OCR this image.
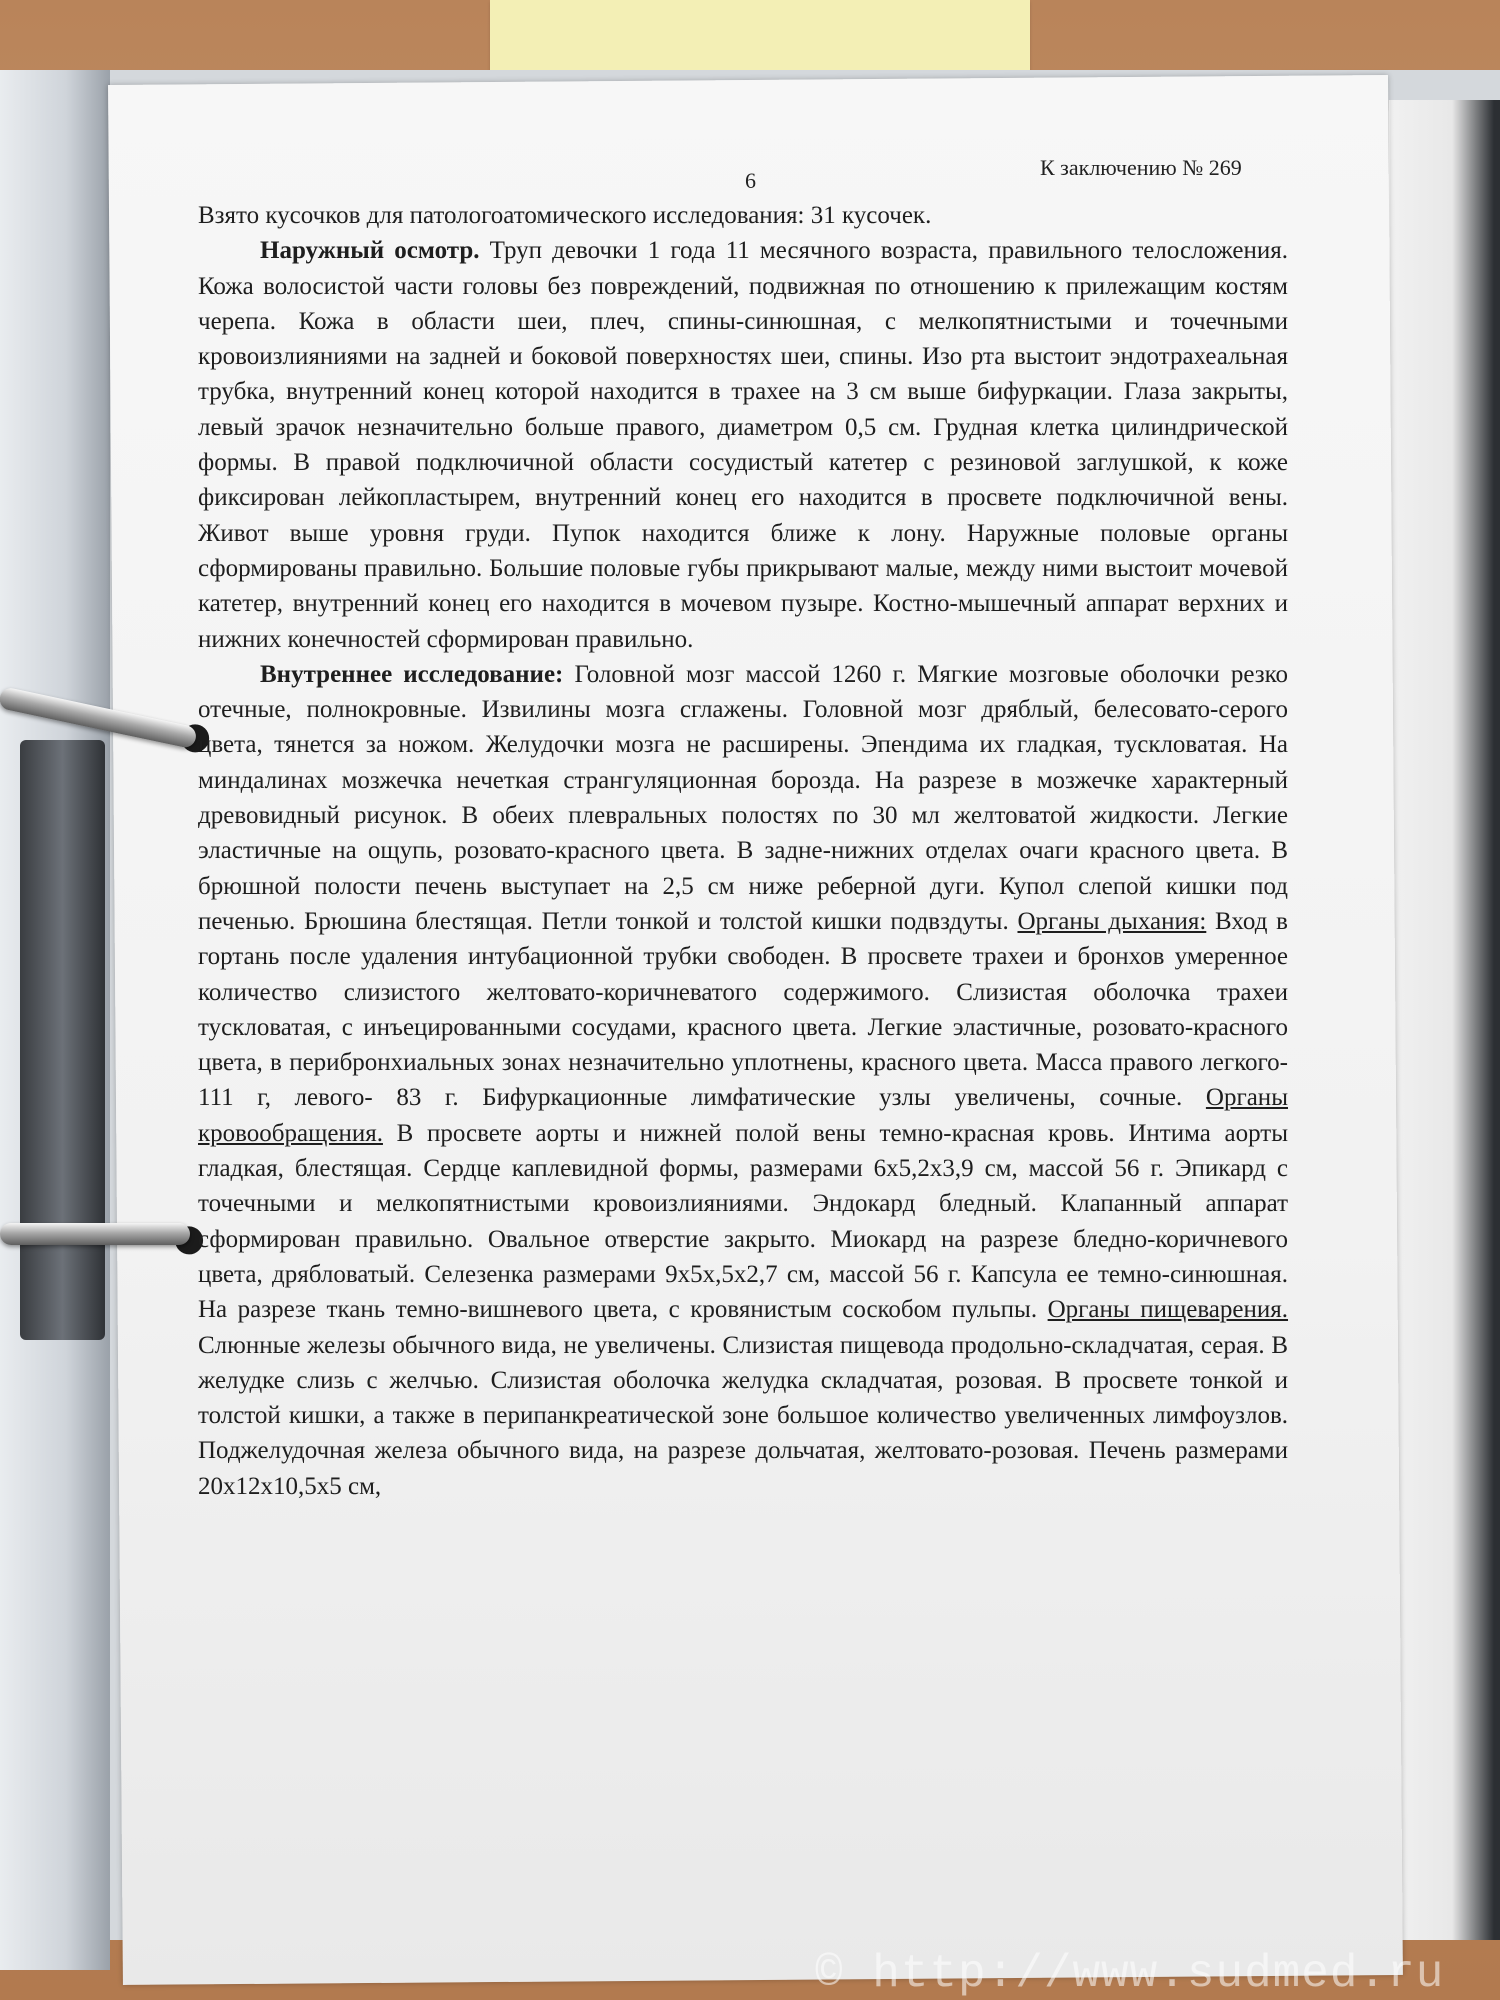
6
К заключению № 269

Взято кусочков для патологоатомического исследования: 31 кусочек.

Наружный осмотр. Труп девочки 1 года 11 месячного возраста, правильного телосложения. Кожа волосистой части головы без повреждений, подвижная по отношению к прилежащим костям черепа. Кожа в области шеи, плеч, спины-синюшная, с мелкопятнистыми и точечными кровоизлияниями на задней и боковой поверхностях шеи, спины. Изо рта выстоит эндотрахеальная трубка, внутренний конец которой находится в трахее на 3 см выше бифуркации. Глаза закрыты, левый зрачок незначительно больше правого, диаметром 0,5 см. Грудная клетка цилиндрической формы. В правой подключичной области сосудистый катетер с резиновой заглушкой, к коже фиксирован лейкопластырем, внутренний конец его находится в просвете подключичной вены. Живот выше уровня груди. Пупок находится ближе к лону. Наружные половые органы сформированы правильно. Большие половые губы прикрывают малые, между ними выстоит мочевой катетер, внутренний конец его находится в мочевом пузыре. Костно-мышечный аппарат верхних и нижних конечностей сформирован правильно.

Внутреннее исследование: Головной мозг массой 1260 г. Мягкие мозговые оболочки резко отечные, полнокровные. Извилины мозга сглажены. Головной мозг дряблый, белесовато-серого цвета, тянется за ножом. Желудочки мозга не расширены. Эпендима их гладкая, тускловатая. На миндалинах мозжечка нечеткая странгуляционная борозда. На разрезе в мозжечке характерный древовидный рисунок. В обеих плевральных полостях по 30 мл желтоватой жидкости. Легкие эластичные на ощупь, розовато-красного цвета. В задне-нижних отделах очаги красного цвета. В брюшной полости печень выступает на 2,5 см ниже реберной дуги. Купол слепой кишки под печенью. Брюшина блестящая. Петли тонкой и толстой кишки подвздуты. Органы дыхания: Вход в гортань после удаления интубационной трубки свободен. В просвете трахеи и бронхов умеренное количество слизистого желтовато-коричневатого содержимого. Слизистая оболочка трахеи тускловатая, с инъецированными сосудами, красного цвета. Легкие эластичные, розовато-красного цвета, в перибронхиальных зонах незначительно уплотнены, красного цвета. Масса правого легкого- 111 г, левого- 83 г. Бифуркационные лимфатические узлы увеличены, сочные. Органы кровообращения. В просвете аорты и нижней полой вены темно-красная кровь. Интима аорты гладкая, блестящая. Сердце каплевидной формы, размерами 6х5,2х3,9 см, массой 56 г. Эпикард с точечными и мелкопятнистыми кровоизлияниями. Эндокард бледный. Клапанный аппарат сформирован правильно. Овальное отверстие закрыто. Миокард на разрезе бледно-коричневого цвета, дрябловатый. Селезенка размерами 9х5х,5х2,7 см, массой 56 г. Капсула ее темно-синюшная. На разрезе ткань темно-вишневого цвета, с кровянистым соскобом пульпы. Органы пищеварения. Слюнные железы обычного вида, не увеличены. Слизистая пищевода продольно-складчатая, серая. В желудке слизь с желчью. Слизистая оболочка желудка складчатая, розовая. В просвете тонкой и толстой кишки, а также в перипанкреатической зоне большое количество увеличенных лимфоузлов. Поджелудочная железа обычного вида, на разрезе дольчатая, желтовато-розовая. Печень размерами 20х12х10,5х5 см,

© http://www.sudmed.ru
